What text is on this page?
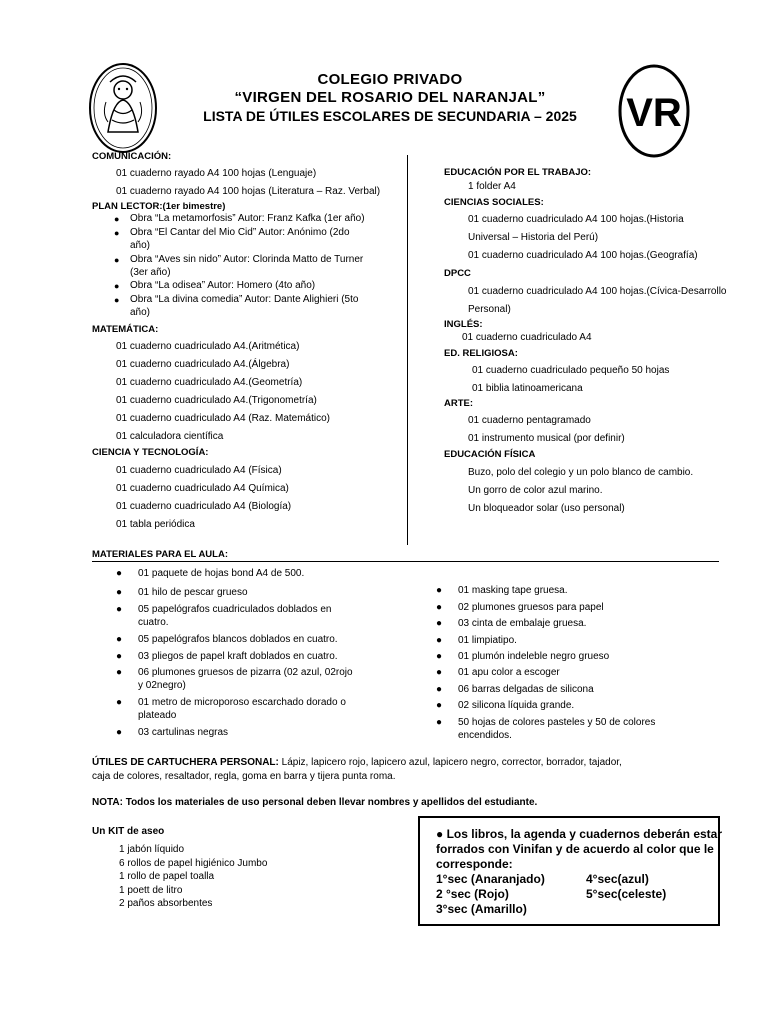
VR
COLEGIO PRIVADO
“VIRGEN DEL ROSARIO DEL NARANJAL”
LISTA DE ÚTILES ESCOLARES DE SECUNDARIA – 2025
COMUNICACIÓN:
01 cuaderno rayado A4 100 hojas (Lenguaje)
01 cuaderno rayado A4 100 hojas (Literatura – Raz. Verbal)
PLAN LECTOR:(1er bimestre)
● Obra “La metamorfosis” Autor: Franz Kafka (1er año)
● Obra “El Cantar del Mio Cid” Autor: Anónimo (2do
año)
● Obra “Aves sin nido” Autor: Clorinda Matto de Turner
(3er año)
● Obra “La odisea” Autor: Homero (4to año)
● Obra “La divina comedia” Autor: Dante Alighieri (5to
año)
MATEMÁTICA:
01 cuaderno cuadriculado A4.(Aritmética)
01 cuaderno cuadriculado A4.(Álgebra)
01 cuaderno cuadriculado A4.(Geometría)
01 cuaderno cuadriculado A4.(Trigonometría)
01 cuaderno cuadriculado A4 (Raz. Matemático)
01 calculadora científica
CIENCIA Y TECNOLOGÍA:
01 cuaderno cuadriculado A4 (Física)
01 cuaderno cuadriculado A4 Química)
01 cuaderno cuadriculado A4 (Biología)
01 tabla periódica
EDUCACIÓN POR EL TRABAJO:
1 folder A4
CIENCIAS SOCIALES:
01 cuaderno cuadriculado A4 100 hojas.(Historia
Universal – Historia del Perú)
01 cuaderno cuadriculado A4 100 hojas.(Geografía)
DPCC
01 cuaderno cuadriculado A4 100 hojas.(Cívica-Desarrollo
Personal)
INGLÉS:
01 cuaderno cuadriculado A4
ED. RELIGIOSA:
01 cuaderno cuadriculado pequeño 50 hojas
01 biblia latinoamericana
ARTE:
01 cuaderno pentagramado
01 instrumento musical (por definir)
EDUCACIÓN FÍSICA
Buzo, polo del colegio y un polo blanco de cambio.
Un gorro de color azul marino.
Un bloqueador solar (uso personal)
MATERIALES PARA EL AULA:
● 01 paquete de hojas bond A4 de 500.
● 01 hilo de pescar grueso
● 05 papelógrafos cuadriculados doblados en
cuatro.
● 05 papelógrafos blancos doblados en cuatro.
● 03 pliegos de papel kraft doblados en cuatro.
● 06 plumones gruesos de pizarra (02 azul, 02rojo
y 02negro)
● 01 metro de microporoso escarchado dorado o
plateado
● 03 cartulinas negras
● 01 masking tape gruesa.
● 02 plumones gruesos para papel
● 03 cinta de embalaje gruesa.
● 01 limpiatipo.
● 01 plumón indeleble negro grueso
● 01 apu color a escoger
● 06 barras delgadas de silicona
● 02 silicona líquida grande.
● 50 hojas de colores pasteles y 50 de colores
encendidos.
ÚTILES DE CARTUCHERA PERSONAL: Lápiz, lapicero rojo, lapicero azul, lapicero negro, corrector, borrador, tajador,
caja de colores, resaltador, regla, goma en barra y tijera punta roma.
NOTA: Todos los materiales de uso personal deben llevar nombres y apellidos del estudiante.
Un KIT de aseo
1 jabón líquido
6 rollos de papel higiénico Jumbo
1 rollo de papel toalla
1 poett de litro
2 paños absorbentes
● Los libros, la agenda y cuadernos deberán estar
forrados con Vinifan y de acuerdo al color que le
corresponde:
1°sec (Anaranjado)	4°sec(azul)
2 °sec (Rojo)	5°sec(celeste)
3°sec (Amarillo)
